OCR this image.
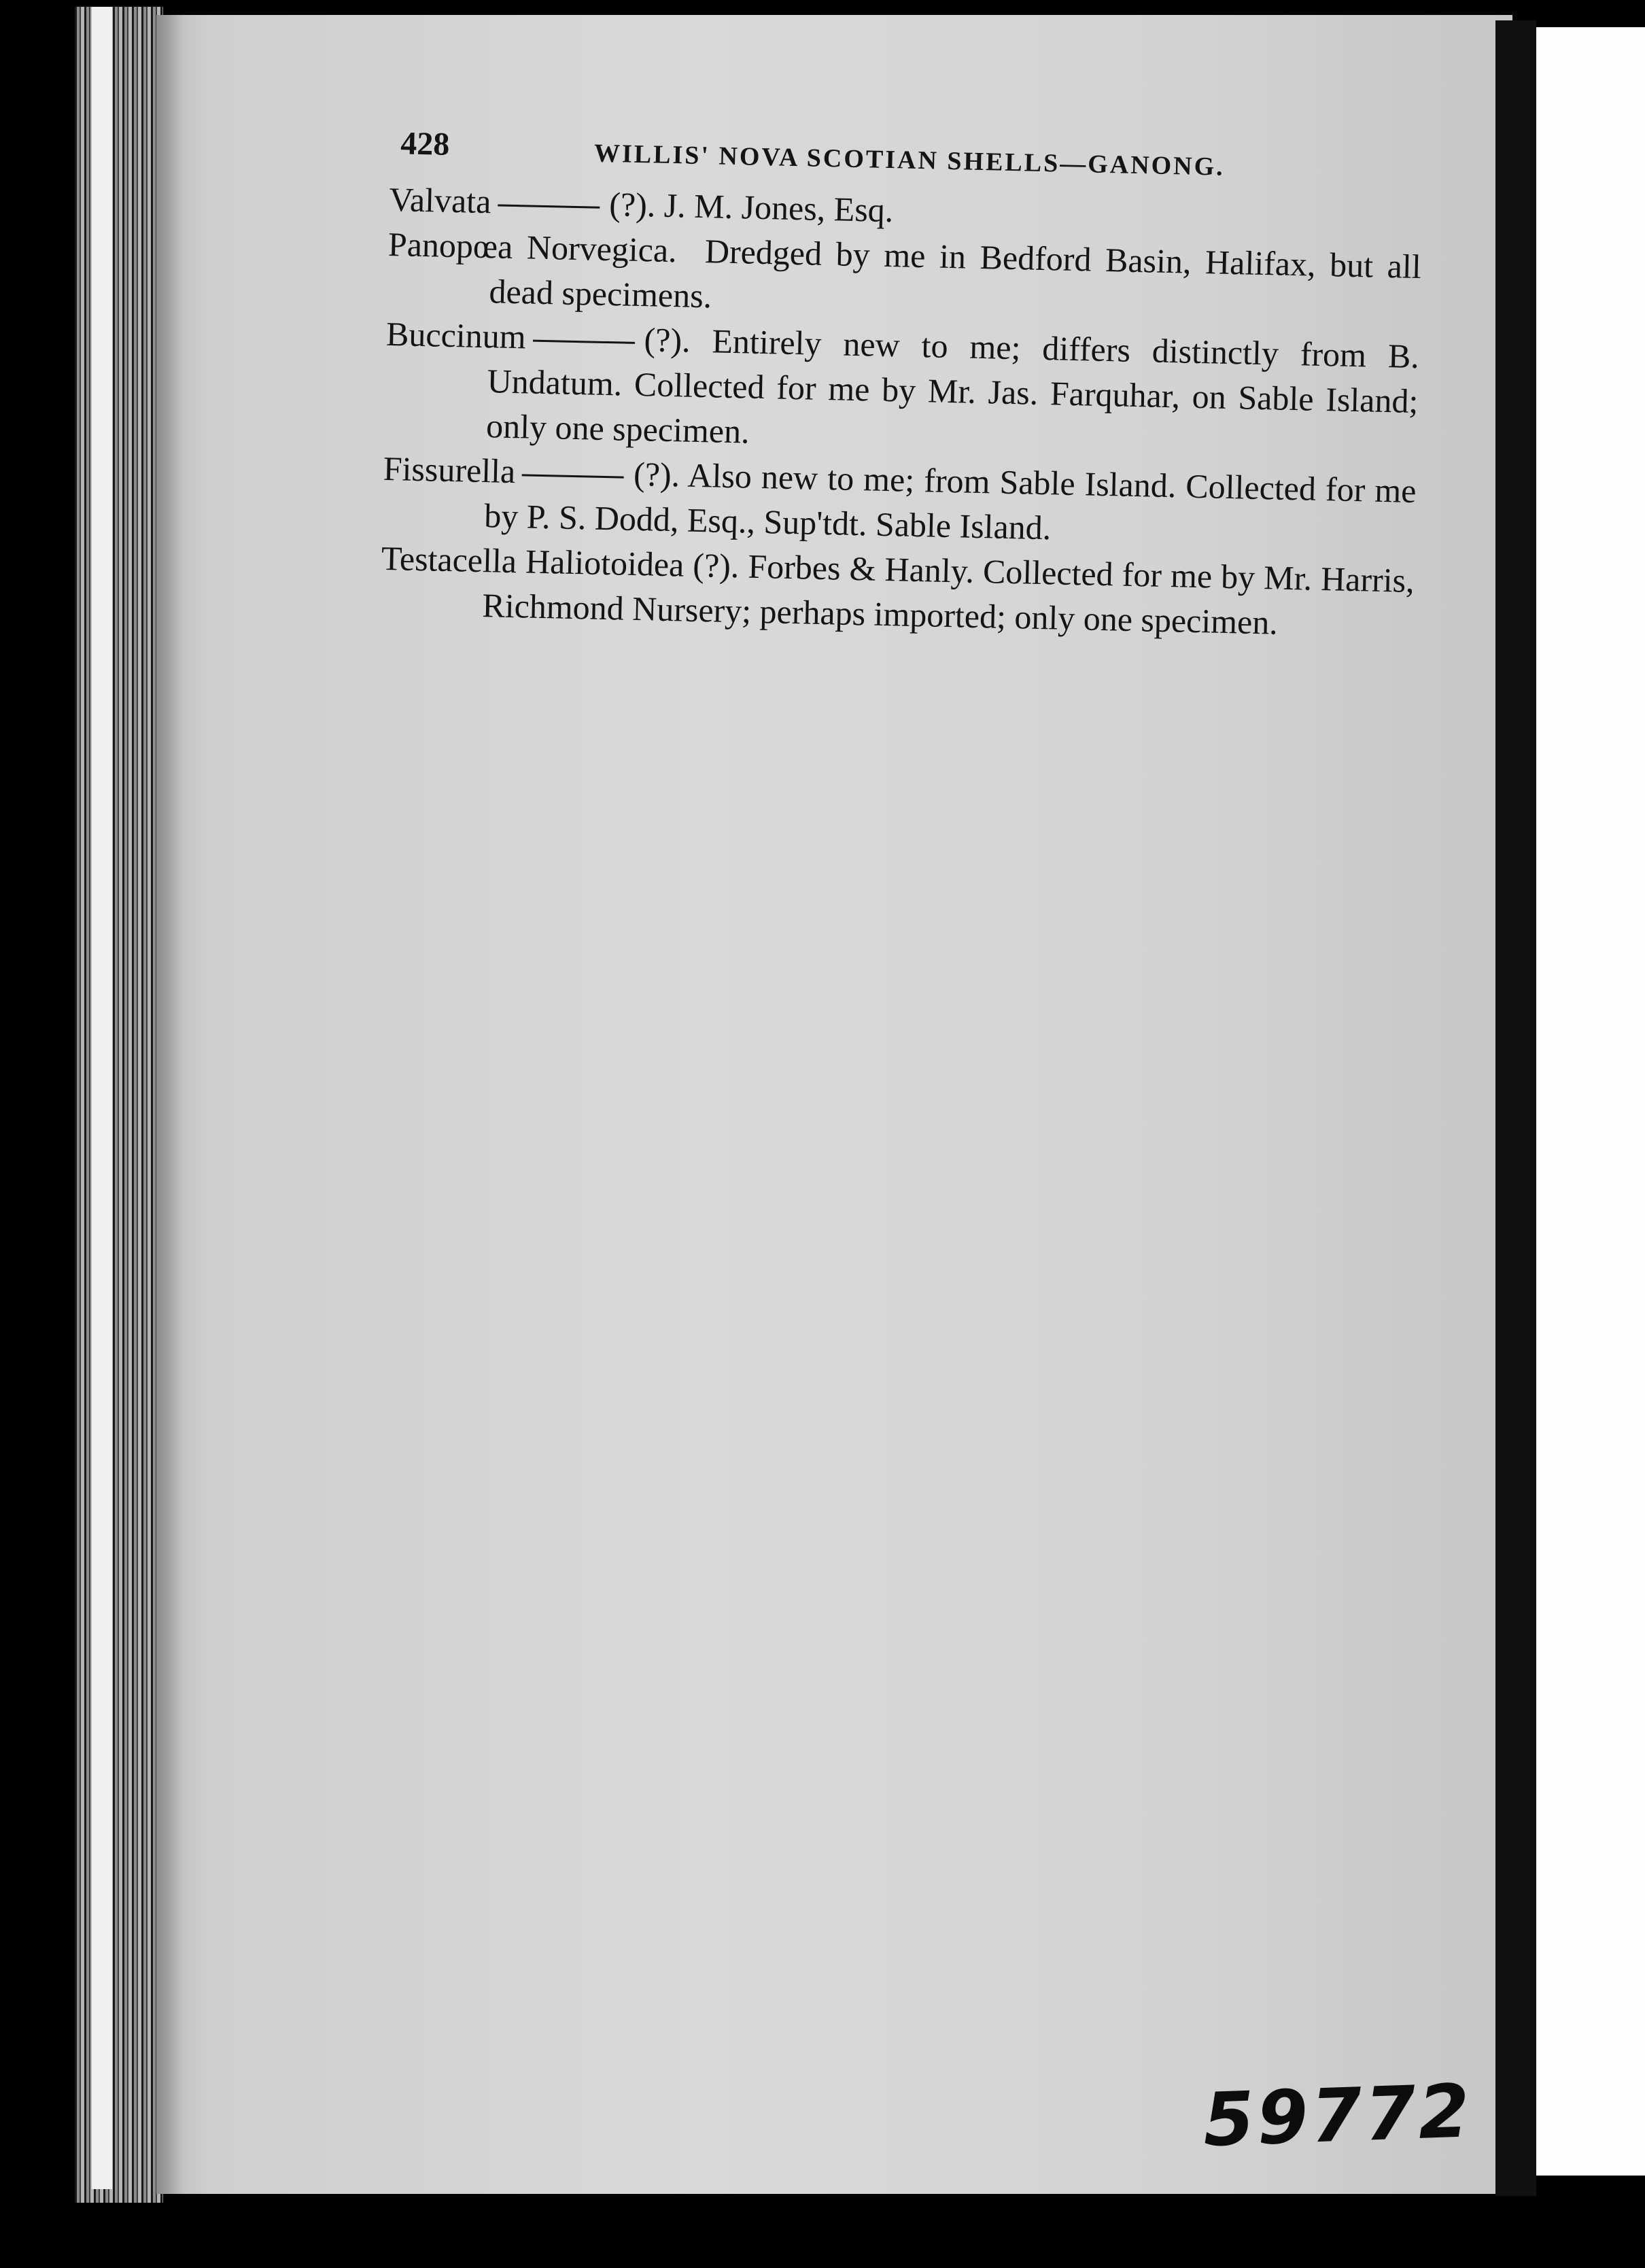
428	WILLIS' NOVA SCOTIAN SHELLS—GANONG.

Valvata	(?). J. M. Jones, Esq.

Panopœa Norvegica. Dredged by me in Bedford Basin, Halifax, but all dead specimens.

Buccinum	(?). Entirely new to me; differs distinctly from B. Undatum. Collected for me by Mr. Jas. Farquhar, on Sable Island; only one specimen.

Fissurella	(?). Also new to me; from Sable Island. Collected for me by P. S. Dodd, Esq., Sup'tdt. Sable Island.

Testacella Haliotoidea (?). Forbes & Hanly. Collected for me by Mr. Harris, Richmond Nursery; perhaps imported; only one specimen.

59772
